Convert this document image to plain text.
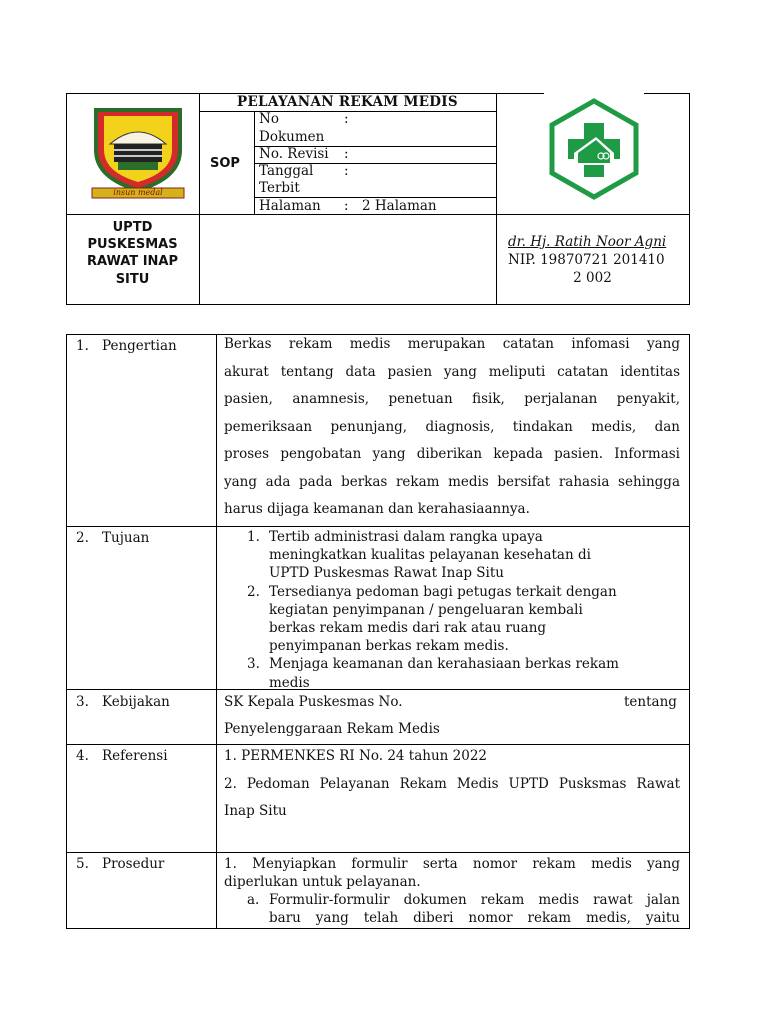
insun medal
PELAYANAN REKAM MEDIS
SOP
No	:
Dokumen
No. Revisi :
Tanggal :
Terbit
Halaman : 2 Halaman
UPTD
PUSKESMAS
RAWAT INAP
SITU
dr. Hj. Ratih Noor Agni
NIP. 19870721 201410
2 002
1. Pengertian	Berkas rekam medis merupakan catatan infomasi yang
akurat tentang data pasien yang meliputi catatan identitas
pasien, anamnesis, penetuan fisik, perjalanan penyakit,
pemeriksaan penunjang, diagnosis, tindakan medis, dan
proses pengobatan yang diberikan kepada pasien. Informasi
yang ada pada berkas rekam medis bersifat rahasia sehingga
harus dijaga keamanan dan kerahasiaannya.
2. Tujuan	1. Tertib administrasi dalam rangka upaya
meningkatkan kualitas pelayanan kesehatan di
UPTD Puskesmas Rawat Inap Situ
2. Tersedianya pedoman bagi petugas terkait dengan
kegiatan penyimpanan / pengeluaran kembali
berkas rekam medis dari rak atau ruang
penyimpanan berkas rekam medis.
3. Menjaga keamanan dan kerahasiaan berkas rekam
medis
3. Kebijakan	SK Kepala Puskesmas No.	tentang
Penyelenggaraan Rekam Medis
4. Referensi	1. PERMENKES RI No. 24 tahun 2022
2. Pedoman Pelayanan Rekam Medis UPTD Pusksmas Rawat
Inap Situ
5. Prosedur	1. Menyiapkan formulir serta nomor rekam medis yang
diperlukan untuk pelayanan.
a. Formulir-formulir dokumen rekam medis rawat jalan
baru yang telah diberi nomor rekam medis, yaitu
